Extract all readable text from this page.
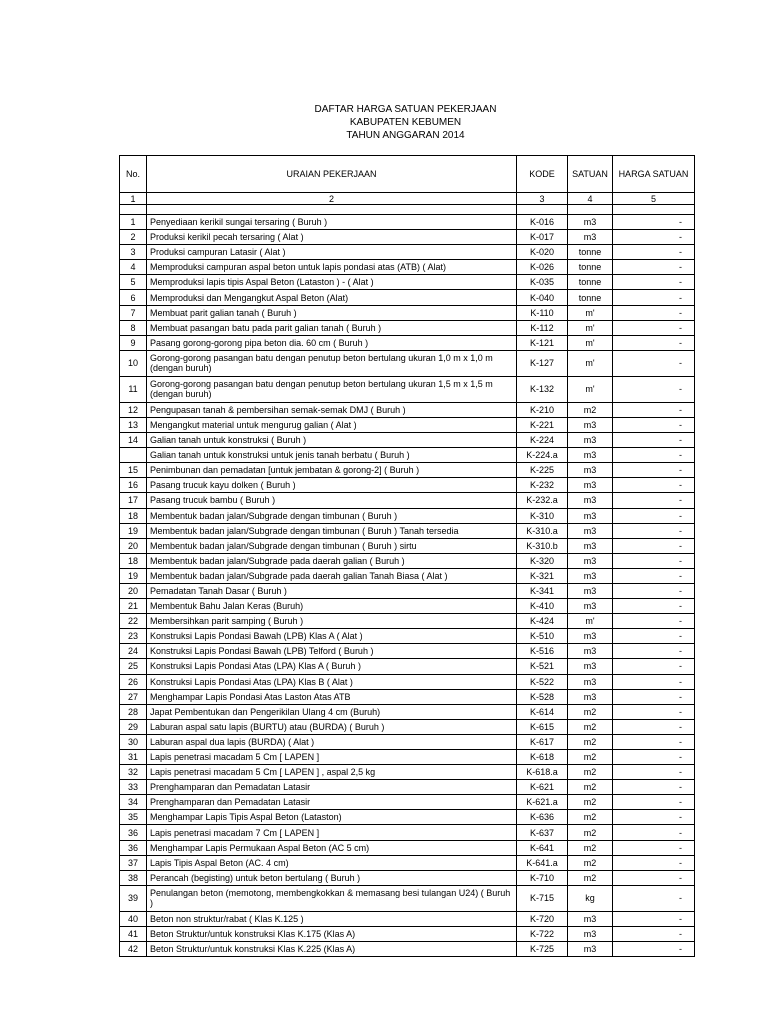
DAFTAR HARGA SATUAN PEKERJAAN
KABUPATEN KEBUMEN
TAHUN ANGGARAN 2014
No.	URAIAN PEKERJAAN	KODE	SATUAN	HARGA SATUAN
1	2	3	4	5

1	Penyediaan kerikil sungai tersaring ( Buruh )	K-016	m3	-
2	Produksi kerikil pecah tersaring ( Alat )	K-017	m3	-
3	Produksi campuran Latasir ( Alat )	K-020	tonne	-
4	Memproduksi campuran aspal beton untuk lapis pondasi atas (ATB) ( Alat)	K-026	tonne	-
5	Memproduksi lapis tipis Aspal Beton (Lataston ) - ( Alat )	K-035	tonne	-
6	Memproduksi dan Mengangkut Aspal Beton (Alat)	K-040	tonne	-
7	Membuat parit galian tanah ( Buruh )	K-110	m'	-
8	Membuat pasangan batu pada parit galian tanah ( Buruh )	K-112	m'	-
9	Pasang gorong-gorong pipa beton dia. 60 cm ( Buruh )	K-121	m'	-
10	Gorong-gorong pasangan batu dengan penutup beton bertulang ukuran 1,0 m x 1,0 m (dengan buruh)	K-127	m'	-
11	Gorong-gorong pasangan batu dengan penutup beton bertulang ukuran 1,5 m x 1,5 m (dengan buruh)	K-132	m'	-
12	Pengupasan tanah & pembersihan semak-semak DMJ ( Buruh )	K-210	m2	-
13	Mengangkut material untuk mengurug galian ( Alat )	K-221	m3	-
14	Galian tanah untuk konstruksi ( Buruh )	K-224	m3	-
	Galian tanah untuk konstruksi untuk jenis tanah berbatu ( Buruh )	K-224.a	m3	-
15	Penimbunan dan pemadatan [untuk jembatan & gorong-2] ( Buruh )	K-225	m3	-
16	Pasang trucuk kayu dolken ( Buruh )	K-232	m3	-
17	Pasang trucuk bambu ( Buruh )	K-232.a	m3	-
18	Membentuk badan jalan/Subgrade dengan timbunan ( Buruh )	K-310	m3	-
19	Membentuk badan jalan/Subgrade dengan timbunan ( Buruh ) Tanah tersedia	K-310.a	m3	-
20	Membentuk badan jalan/Subgrade dengan timbunan ( Buruh ) sirtu	K-310.b	m3	-
18	Membentuk badan jalan/Subgrade pada daerah galian ( Buruh )	K-320	m3	-
19	Membentuk badan jalan/Subgrade pada daerah galian Tanah Biasa ( Alat )	K-321	m3	-
20	Pemadatan Tanah Dasar ( Buruh )	K-341	m3	-
21	Membentuk Bahu Jalan Keras (Buruh)	K-410	m3	-
22	Membersihkan parit samping ( Buruh )	K-424	m'	-
23	Konstruksi Lapis Pondasi Bawah (LPB) Klas A ( Alat )	K-510	m3	-
24	Konstruksi Lapis Pondasi Bawah (LPB) Telford ( Buruh )	K-516	m3	-
25	Konstruksi Lapis Pondasi Atas (LPA) Klas A ( Buruh )	K-521	m3	-
26	Konstruksi Lapis Pondasi Atas (LPA) Klas B ( Alat )	K-522	m3	-
27	Menghampar Lapis Pondasi Atas Laston Atas ATB	K-528	m3	-
28	Japat Pembentukan dan Pengerikilan Ulang 4 cm (Buruh)	K-614	m2	-
29	Laburan aspal satu lapis (BURTU) atau (BURDA) ( Buruh )	K-615	m2	-
30	Laburan aspal dua lapis (BURDA) ( Alat )	K-617	m2	-
31	Lapis penetrasi macadam 5 Cm [ LAPEN ]	K-618	m2	-
32	Lapis penetrasi macadam 5 Cm [ LAPEN ] , aspal 2,5 kg	K-618.a	m2	-
33	Prenghamparan dan Pemadatan Latasir	K-621	m2	-
34	Prenghamparan dan Pemadatan Latasir	K-621.a	m2	-
35	Menghampar Lapis Tipis Aspal Beton (Lataston)	K-636	m2	-
36	Lapis penetrasi macadam 7 Cm [ LAPEN ]	K-637	m2	-
36	Menghampar Lapis Permukaan Aspal Beton (AC 5 cm)	K-641	m2	-
37	Lapis Tipis Aspal Beton (AC. 4 cm)	K-641.a	m2	-
38	Perancah (begisting) untuk beton bertulang ( Buruh )	K-710	m2	-
39	Penulangan beton (memotong, membengkokkan & memasang besi tulangan U24) ( Buruh )	K-715	kg	-
40	Beton non struktur/rabat ( Klas K.125 )	K-720	m3	-
41	Beton Struktur/untuk konstruksi Klas K.175 (Klas A)	K-722	m3	-
42	Beton Struktur/untuk konstruksi Klas K.225 (Klas A)	K-725	m3	-
